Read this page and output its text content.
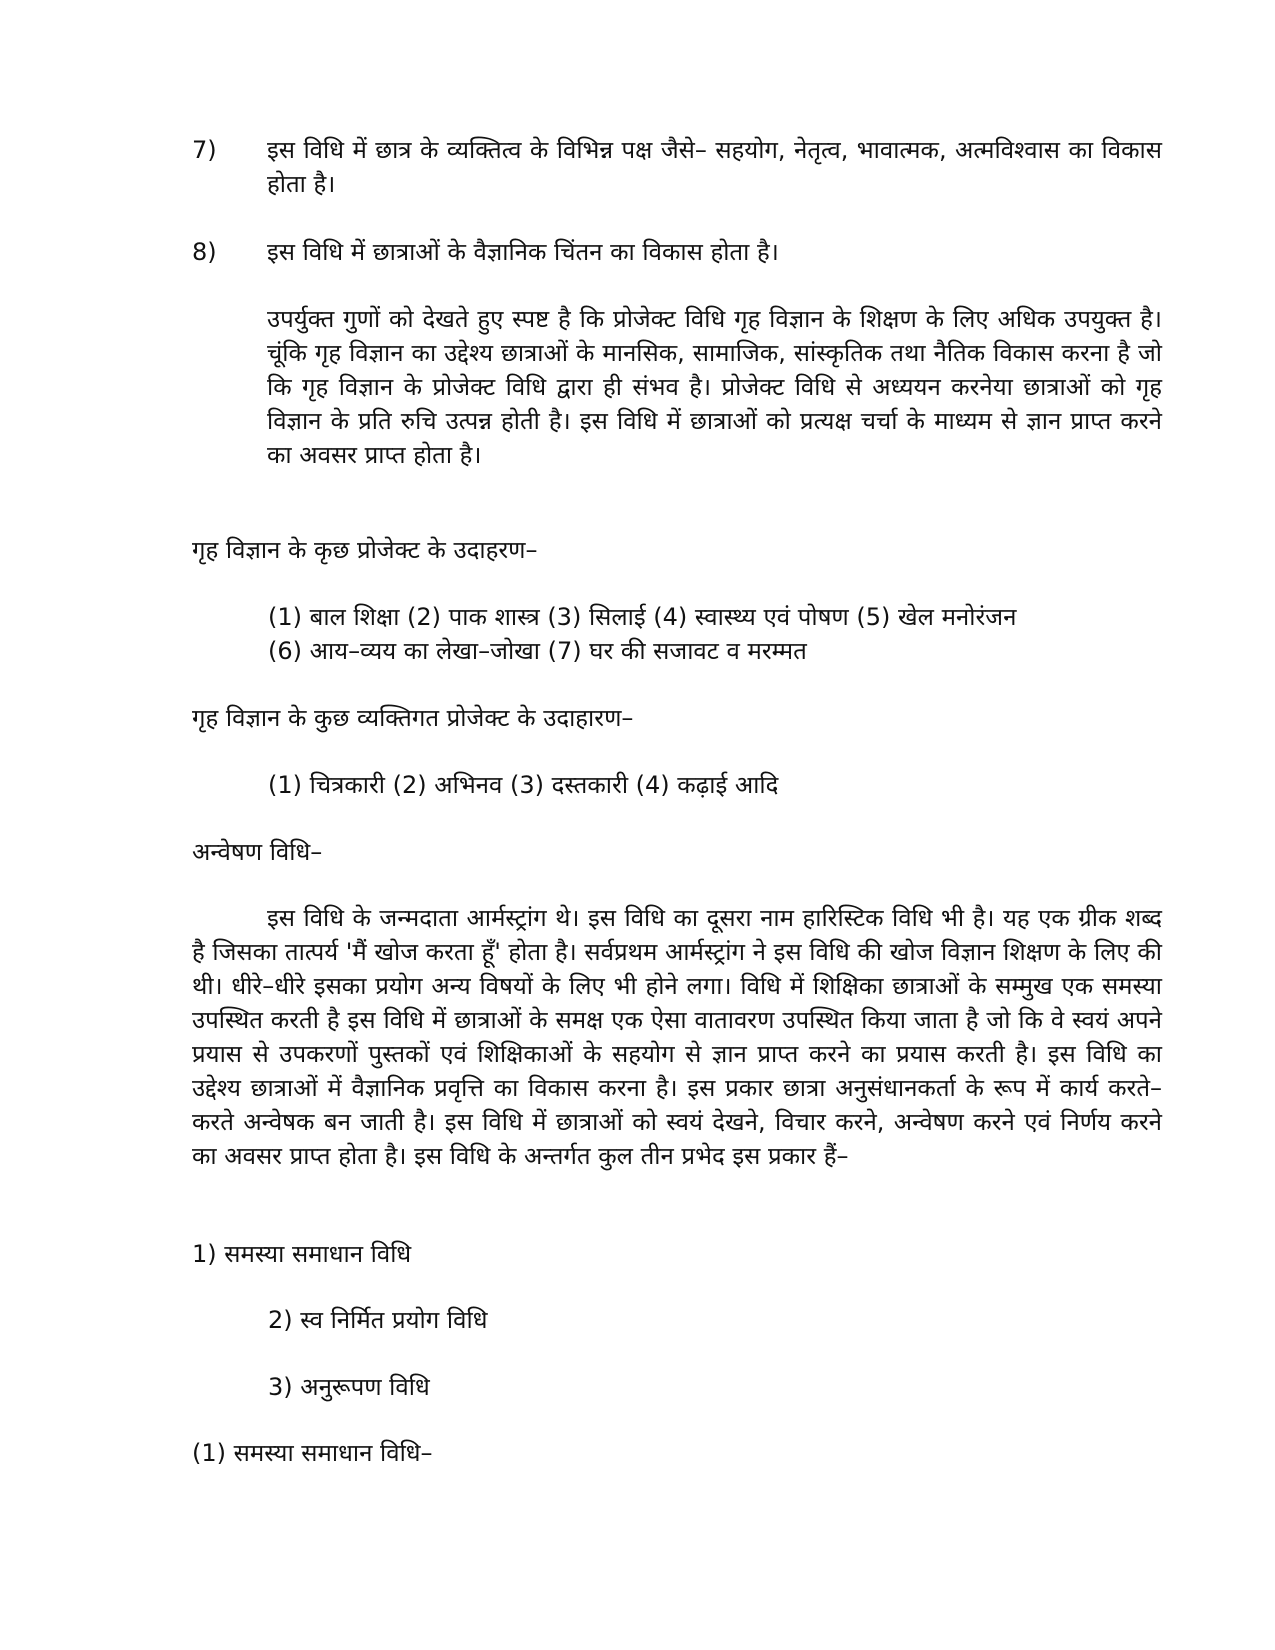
7)	इस विधि में छात्र के व्यक्तित्व के विभिन्न पक्ष जैसे– सहयोग, नेतृत्व, भावात्मक, अत्मविश्वास का विकास होता है।
8)	इस विधि में छात्राओं के वैज्ञानिक चिंतन का विकास होता है।
उपर्युक्त गुणों को देखते हुए स्पष्ट है कि प्रोजेक्ट विधि गृह विज्ञान के शिक्षण के लिए अधिक उपयुक्त है। चूंकि गृह विज्ञान का उद्देश्य छात्राओं के मानसिक, सामाजिक, सांस्कृतिक तथा नैतिक विकास करना है जो कि गृह विज्ञान के प्रोजेक्ट विधि द्वारा ही संभव है। प्रोजेक्ट विधि से अध्ययन करनेया छात्राओं को गृह विज्ञान के प्रति रुचि उत्पन्न होती है। इस विधि में छात्राओं को प्रत्यक्ष चर्चा के माध्यम से ज्ञान प्राप्त करने का अवसर प्राप्त होता है।
गृह विज्ञान के कृछ प्रोजेक्ट के उदाहरण–
(1) बाल शिक्षा (2) पाक शास्त्र (3) सिलाई (4) स्वास्थ्य एवं पोषण (5) खेल मनोरंजन
(6) आय–व्यय का लेखा–जोखा (7) घर की सजावट व मरम्मत
गृह विज्ञान के कुछ व्यक्तिगत प्रोजेक्ट के उदाहारण–
(1) चित्रकारी (2) अभिनव (3) दस्तकारी (4) कढ़ाई आदि
अन्वेषण विधि–
इस विधि के जन्मदाता आर्मस्ट्रांग थे। इस विधि का दूसरा नाम हारिस्टिक विधि भी है। यह एक ग्रीक शब्द है जिसका तात्पर्य 'मैं खोज करता हूँ' होता है। सर्वप्रथम आर्मस्ट्रांग ने इस विधि की खोज विज्ञान शिक्षण के लिए की थी। धीरे–धीरे इसका प्रयोग अन्य विषयों के लिए भी होने लगा। विधि में शिक्षिका छात्राओं के सम्मुख एक समस्या उपस्थित करती है इस विधि में छात्राओं के समक्ष एक ऐसा वातावरण उपस्थित किया जाता है जो कि वे स्वयं अपने प्रयास से उपकरणों पुस्तकों एवं शिक्षिकाओं के सहयोग से ज्ञान प्राप्त करने का प्रयास करती है। इस विधि का उद्देश्य छात्राओं में वैज्ञानिक प्रवृत्ति का विकास करना है। इस प्रकार छात्रा अनुसंधानकर्ता के रूप में कार्य करते–करते अन्वेषक बन जाती है। इस विधि में छात्राओं को स्वयं देखने, विचार करने, अन्वेषण करने एवं निर्णय करने का अवसर प्राप्त होता है। इस विधि के अन्तर्गत कुल तीन प्रभेद इस प्रकार हैं–
1) समस्या समाधान विधि
2) स्व निर्मित प्रयोग विधि
3) अनुरूपण विधि
(1) समस्या समाधान विधि–
